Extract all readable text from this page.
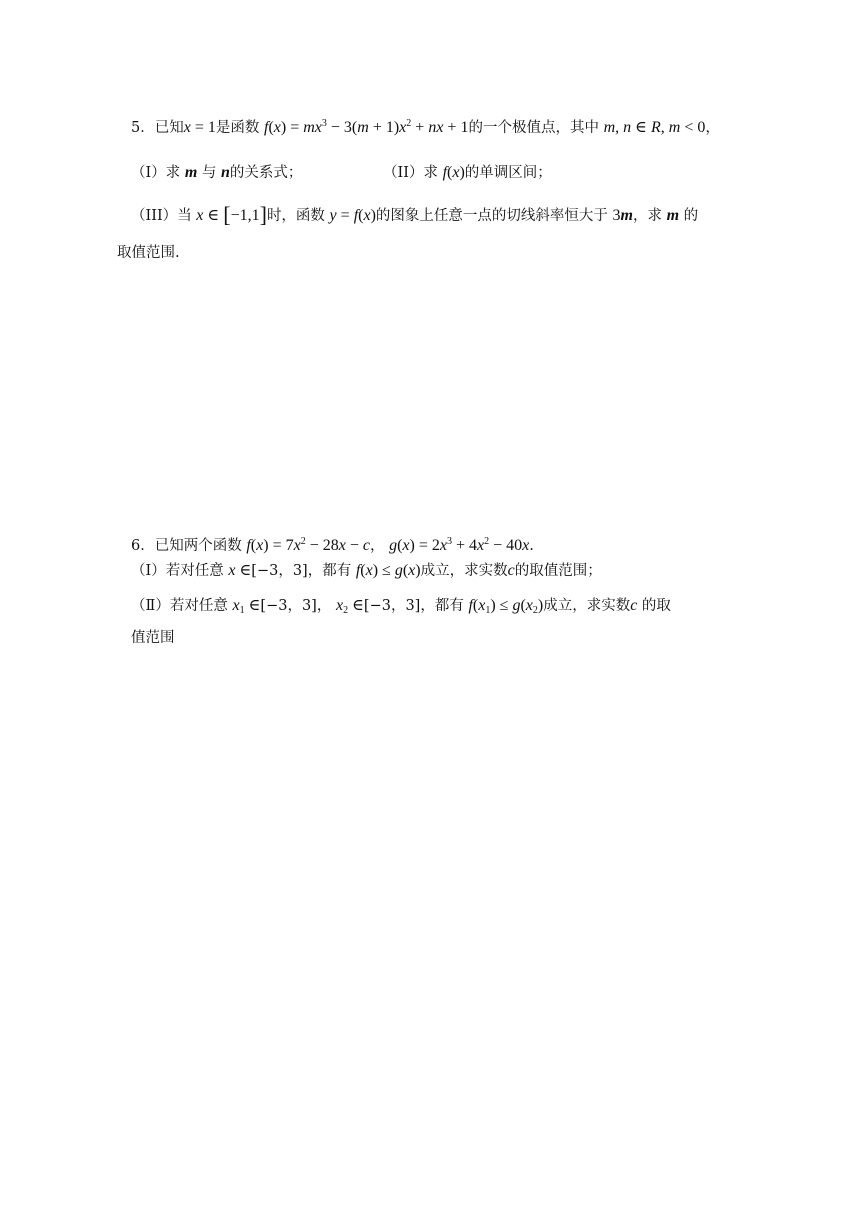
5．已知x = 1是函数 $f(x) = mx^3 - 3(m + 1)x^2$ + nx + 1的一个极值点，其中 m, n ∈ R, m < 0，
（I）求 m 与 n的关系式；	（II）求 f(x)的单调区间；
（III）当 x ∈ [−1,1]时，函数 y = f(x)的图象上任意一点的切线斜率恒大于 3m，求 m 的
取值范围.
6．已知两个函数 $f(x) = 7x^2 - 28x - c$， $g(x) = 2x^3 + 4x^2 - 40x$.
（Ⅰ）若对任意 x ∈[−3，3]，都有 f(x) ≤ g(x)成立，求实数c的取值范围；
（Ⅱ）若对任意 $x_1$ ∈[−3，3]， $x_2$ ∈[−3，3]，都有 $f(x_1) \le g(x_2)$成立，求实数c 的取
值范围
